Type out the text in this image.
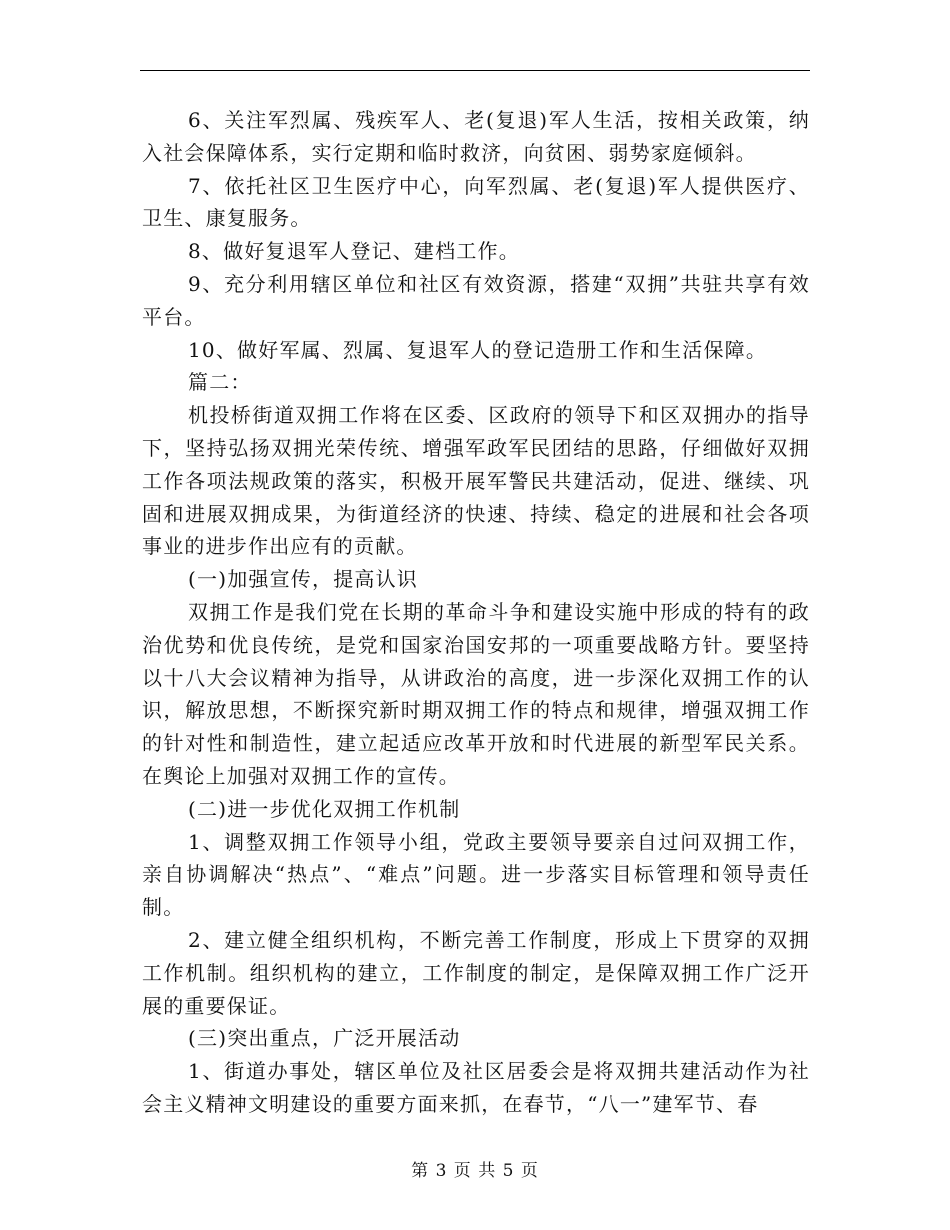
6、关注军烈属、残疾军人、老(复退)军人生活，按相关政策，纳入社会保障体系，实行定期和临时救济，向贫困、弱势家庭倾斜。

7、依托社区卫生医疗中心，向军烈属、老(复退)军人提供医疗、卫生、康复服务。

8、做好复退军人登记、建档工作。

9、充分利用辖区单位和社区有效资源，搭建“双拥”共驻共享有效平台。

10、做好军属、烈属、复退军人的登记造册工作和生活保障。

篇二：

机投桥街道双拥工作将在区委、区政府的领导下和区双拥办的指导下，坚持弘扬双拥光荣传统、增强军政军民团结的思路，仔细做好双拥工作各项法规政策的落实，积极开展军警民共建活动，促进、继续、巩固和进展双拥成果，为街道经济的快速、持续、稳定的进展和社会各项事业的进步作出应有的贡献。

(一)加强宣传，提高认识

双拥工作是我们党在长期的革命斗争和建设实施中形成的特有的政治优势和优良传统，是党和国家治国安邦的一项重要战略方针。要坚持以十八大会议精神为指导，从讲政治的高度，进一步深化双拥工作的认识，解放思想，不断探究新时期双拥工作的特点和规律，增强双拥工作的针对性和制造性，建立起适应改革开放和时代进展的新型军民关系。在舆论上加强对双拥工作的宣传。

(二)进一步优化双拥工作机制

1、调整双拥工作领导小组，党政主要领导要亲自过问双拥工作，亲自协调解决“热点”、“难点”问题。进一步落实目标管理和领导责任制。

2、建立健全组织机构，不断完善工作制度，形成上下贯穿的双拥工作机制。组织机构的建立，工作制度的制定，是保障双拥工作广泛开展的重要保证。

(三)突出重点，广泛开展活动

1、街道办事处，辖区单位及社区居委会是将双拥共建活动作为社会主义精神文明建设的重要方面来抓，在春节，“八一”建军节、春

第 3 页 共 5 页
